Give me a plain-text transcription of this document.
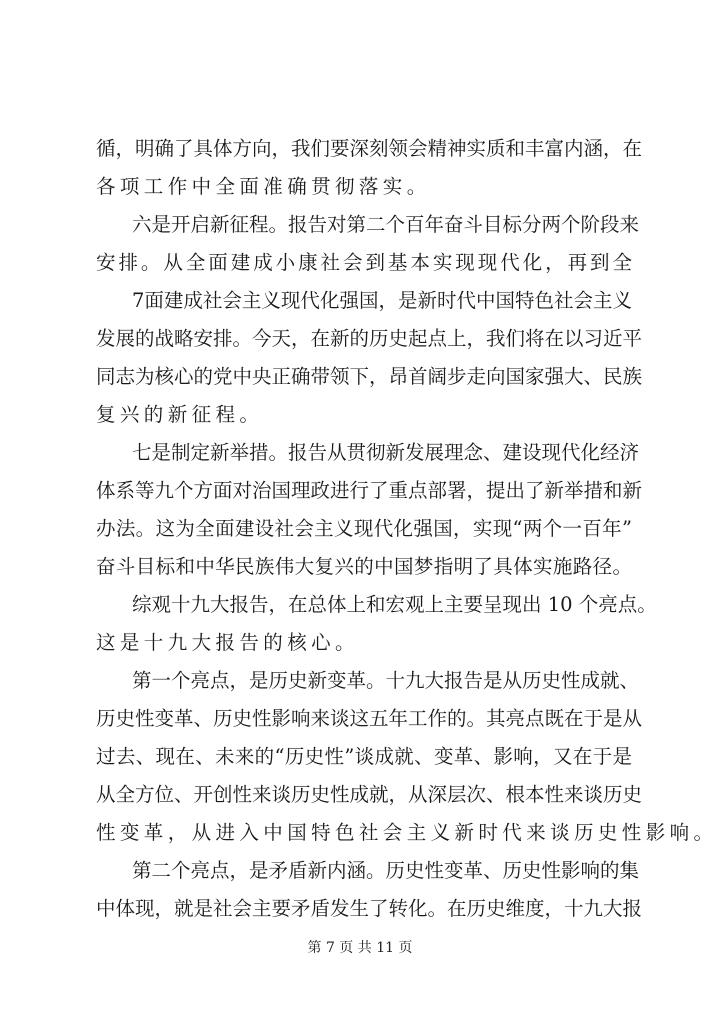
循，明确了具体方向，我们要深刻领会精神实质和丰富内涵，在
各项工作中全面准确贯彻落实。
六是开启新征程。报告对第二个百年奋斗目标分两个阶段来
安排。从全面建成小康社会到基本实现现代化，再到全
7面建成社会主义现代化强国，是新时代中国特色社会主义
发展的战略安排。今天，在新的历史起点上，我们将在以习近平
同志为核心的党中央正确带领下，昂首阔步走向国家强大、民族
复兴的新征程。
七是制定新举措。报告从贯彻新发展理念、建设现代化经济
体系等九个方面对治国理政进行了重点部署，提出了新举措和新
办法。这为全面建设社会主义现代化强国，实现“两个一百年”
奋斗目标和中华民族伟大复兴的中国梦指明了具体实施路径。
综观十九大报告，在总体上和宏观上主要呈现出 10 个亮点。
这是十九大报告的核心。
第一个亮点，是历史新变革。十九大报告是从历史性成就、
历史性变革、历史性影响来谈这五年工作的。其亮点既在于是从
过去、现在、未来的“历史性”谈成就、变革、影响，又在于是
从全方位、开创性来谈历史性成就，从深层次、根本性来谈历史
性变革，从进入中国特色社会主义新时代来谈历史性影响。
第二个亮点，是矛盾新内涵。历史性变革、历史性影响的集
中体现，就是社会主要矛盾发生了转化。在历史维度，十九大报
第 7 页 共 11 页
